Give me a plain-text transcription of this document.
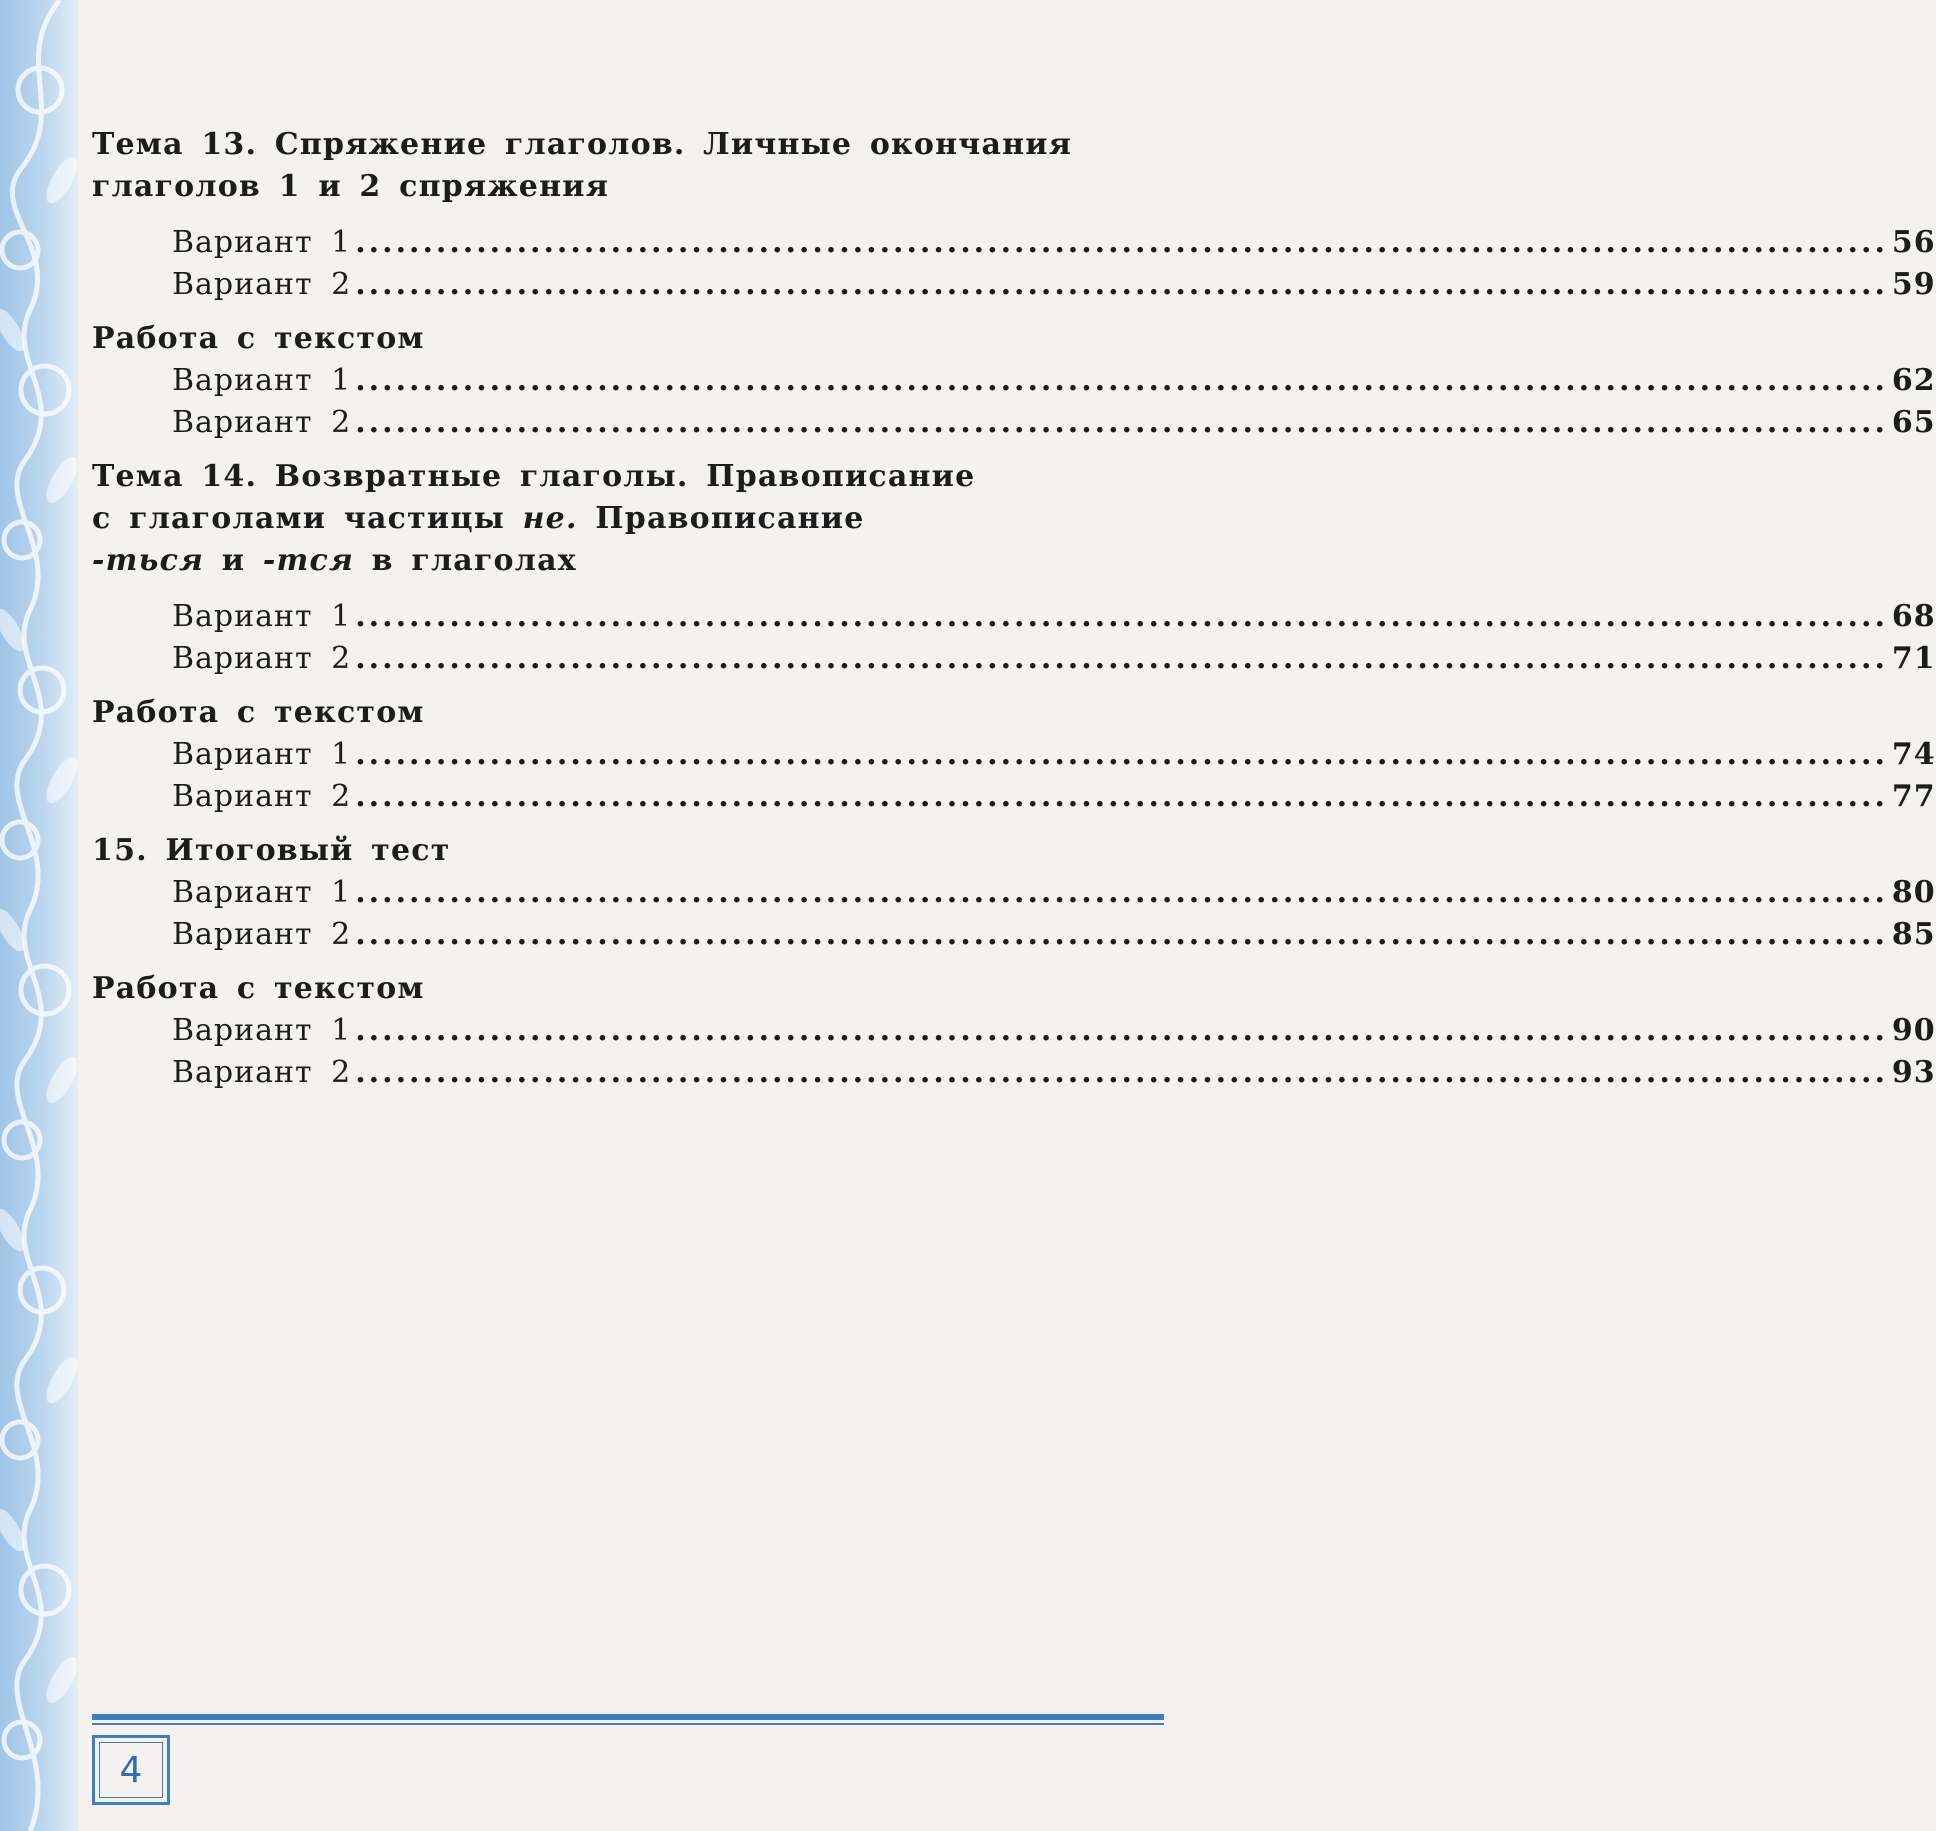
Тема 13. Спряжение глаголов. Личные окончания
глаголов 1 и 2 спряжения
Вариант 1 .................................................................................................................. 56
Вариант 2 .................................................................................................................. 59
Работа с текстом
Вариант 1 .................................................................................................................. 62
Вариант 2 .................................................................................................................. 65
Тема 14. Возвратные глаголы. Правописание
с глаголами частицы не. Правописание
-ться и -тся в глаголах
Вариант 1 .................................................................................................................. 68
Вариант 2 .................................................................................................................. 71
Работа с текстом
Вариант 1 .................................................................................................................. 74
Вариант 2 .................................................................................................................. 77
15. Итоговый тест
Вариант 1 .................................................................................................................. 80
Вариант 2 .................................................................................................................. 85
Работа с текстом
Вариант 1 .................................................................................................................. 90
Вариант 2 .................................................................................................................. 93
4
